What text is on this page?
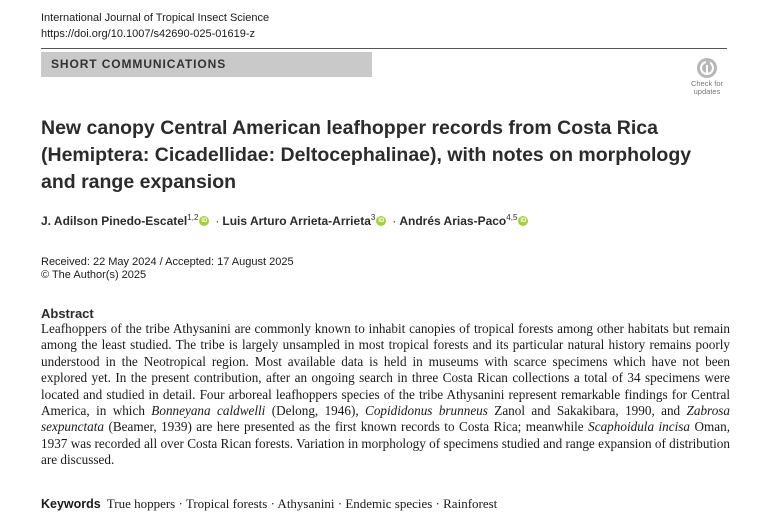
International Journal of Tropical Insect Science
https://doi.org/10.1007/s42690-025-01619-z
SHORT COMMUNICATIONS
Check for
updates
New canopy Central American leafhopper records from Costa Rica (Hemiptera: Cicadellidae: Deltocephalinae), with notes on morphology and range expansion
J. Adilson Pinedo-Escatel$^{1,2}$ iD · Luis Arturo Arrieta-Arrieta$^3$ iD · Andrés Arias-Paco$^{4,5}$ iD
Received: 22 May 2024 / Accepted: 17 August 2025
© The Author(s) 2025
Abstract
Leafhoppers of the tribe Athysanini are commonly known to inhabit canopies of tropical forests among other habitats but remain among the least studied. The tribe is largely unsampled in most tropical forests and its particular natural history remains poorly understood in the Neotropical region. Most available data is held in museums with scarce specimens which have not been explored yet. In the present contribution, after an ongoing search in three Costa Rican collections a total of 34 specimens were located and studied in detail. Four arboreal leafhoppers species of the tribe Athysanini represent remarkable findings for Central America, in which Bonneyana caldwelli (Delong, 1946), Copididonus brunneus Zanol and Sakakibara, 1990, and Zabrosa sexpunctata (Beamer, 1939) are here presented as the first known records to Costa Rica; meanwhile Scaphoidula incisa Oman, 1937 was recorded all over Costa Rican forests. Variation in morphology of specimens studied and range expansion of distribution are discussed.
Keywords True hoppers · Tropical forests · Athysanini · Endemic species · Rainforest
